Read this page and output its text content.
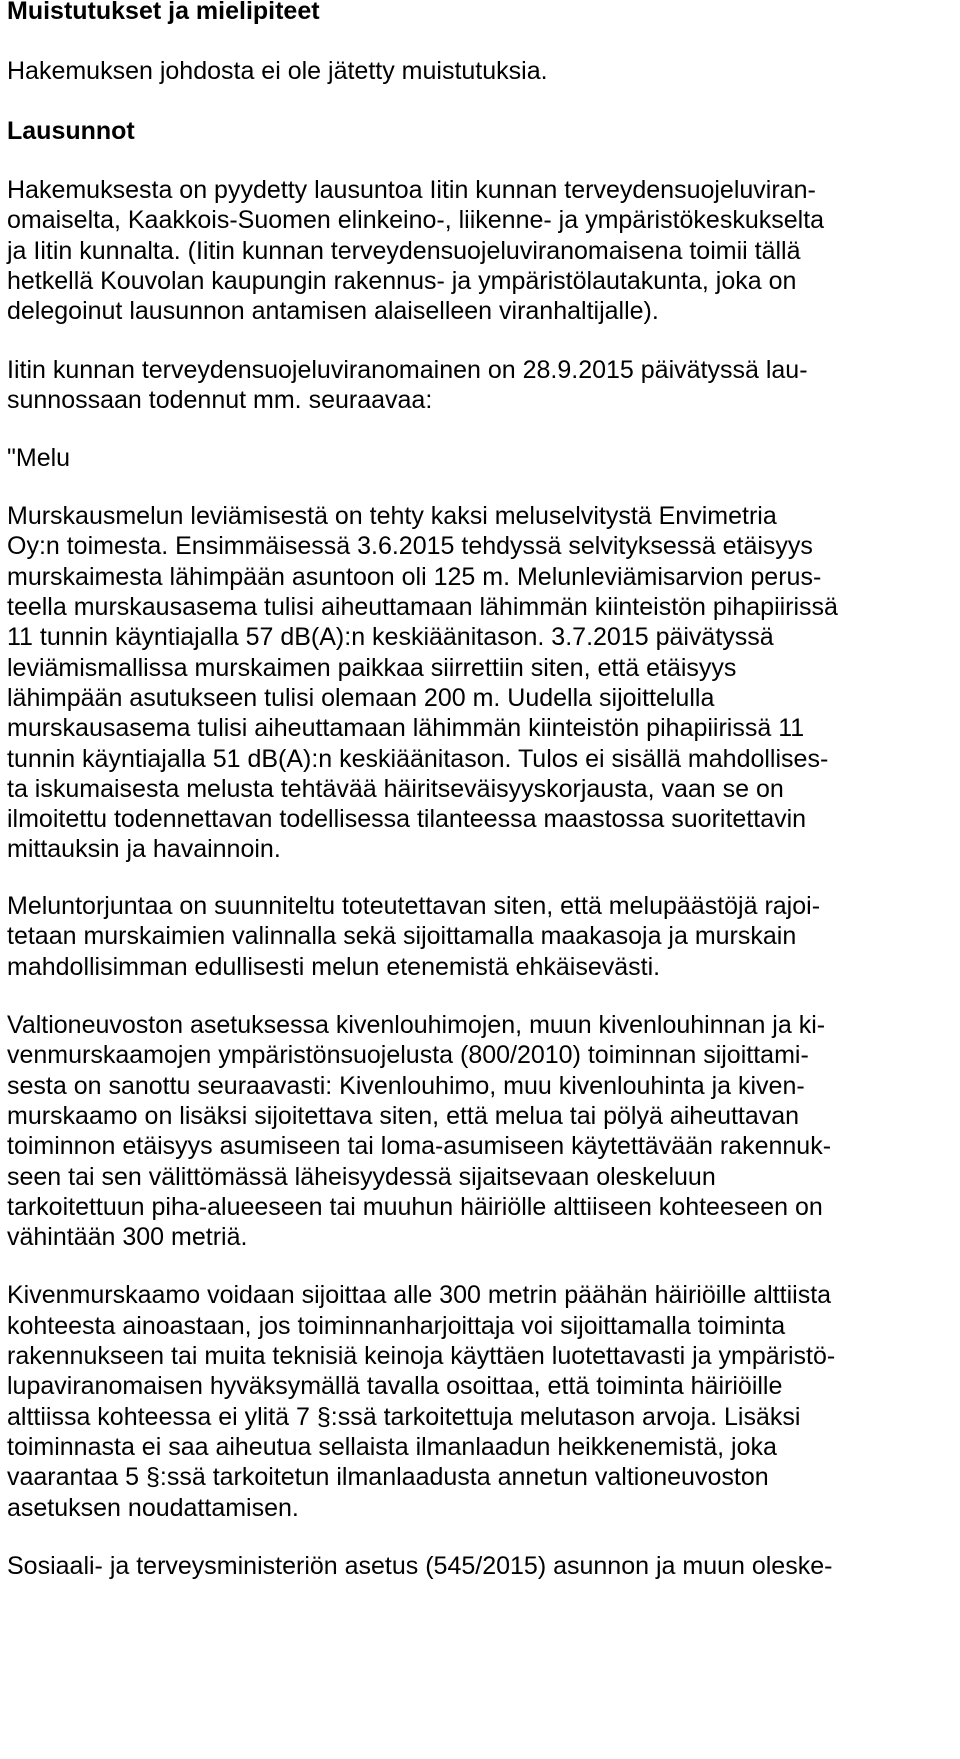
Muistutukset ja mielipiteet
Hakemuksen johdosta ei ole jätetty muistutuksia.
Lausunnot
Hakemuksesta on pyydetty lausuntoa Iitin kunnan terveydensuojeluviran-
omaiselta, Kaakkois-Suomen elinkeino-, liikenne- ja ympäristökeskukselta
ja Iitin kunnalta. (Iitin kunnan terveydensuojeluviranomaisena toimii tällä
hetkellä Kouvolan kaupungin rakennus- ja ympäristölautakunta, joka on
delegoinut lausunnon antamisen alaiselleen viranhaltijalle).
Iitin kunnan terveydensuojeluviranomainen on 28.9.2015 päivätyssä lau-
sunnossaan todennut mm. seuraavaa:
"Melu
Murskausmelun leviämisestä on tehty kaksi meluselvitystä Envimetria
Oy:n toimesta. Ensimmäisessä 3.6.2015 tehdyssä selvityksessä etäisyys
murskaimesta lähimpään asuntoon oli 125 m. Melunleviämisarvion perus-
teella murskausasema tulisi aiheuttamaan lähimmän kiinteistön pihapiirissä
11 tunnin käyntiajalla 57 dB(A):n keskiäänitason. 3.7.2015 päivätyssä
leviämismallissa murskaimen paikkaa siirrettiin siten, että etäisyys
lähimpään asutukseen tulisi olemaan 200 m. Uudella sijoittelulla
murskausasema tulisi aiheuttamaan lähimmän kiinteistön pihapiirissä 11
tunnin käyntiajalla 51 dB(A):n keskiäänitason. Tulos ei sisällä mahdollises-
ta iskumaisesta melusta tehtävää häiritseväisyyskorjausta, vaan se on
ilmoitettu todennettavan todellisessa tilanteessa maastossa suoritettavin
mittauksin ja havainnoin.
Meluntorjuntaa on suunniteltu toteutettavan siten, että melupäästöjä rajoi-
tetaan murskaimien valinnalla sekä sijoittamalla maakasoja ja murskain
mahdollisimman edullisesti melun etenemistä ehkäisevästi.
Valtioneuvoston asetuksessa kivenlouhimojen, muun kivenlouhinnan ja ki-
venmurskaamojen ympäristönsuojelusta (800/2010) toiminnan sijoittami-
sesta on sanottu seuraavasti: Kivenlouhimo, muu kivenlouhinta ja kiven-
murskaamo on lisäksi sijoitettava siten, että melua tai pölyä aiheuttavan
toiminnon etäisyys asumiseen tai loma-asumiseen käytettävään rakennuk-
seen tai sen välittömässä läheisyydessä sijaitsevaan oleskeluun
tarkoitettuun piha-alueeseen tai muuhun häiriölle alttiiseen kohteeseen on
vähintään 300 metriä.
Kivenmurskaamo voidaan sijoittaa alle 300 metrin päähän häiriöille alttiista
kohteesta ainoastaan, jos toiminnanharjoittaja voi sijoittamalla toiminta
rakennukseen tai muita teknisiä keinoja käyttäen luotettavasti ja ympäristö-
lupaviranomaisen hyväksymällä tavalla osoittaa, että toiminta häiriöille
alttiissa kohteessa ei ylitä 7 §:ssä tarkoitettuja melutason arvoja. Lisäksi
toiminnasta ei saa aiheutua sellaista ilmanlaadun heikkenemistä, joka
vaarantaa 5 §:ssä tarkoitetun ilmanlaadusta annetun valtioneuvoston
asetuksen noudattamisen.
Sosiaali- ja terveysministeriön asetus (545/2015) asunnon ja muun oleske-
